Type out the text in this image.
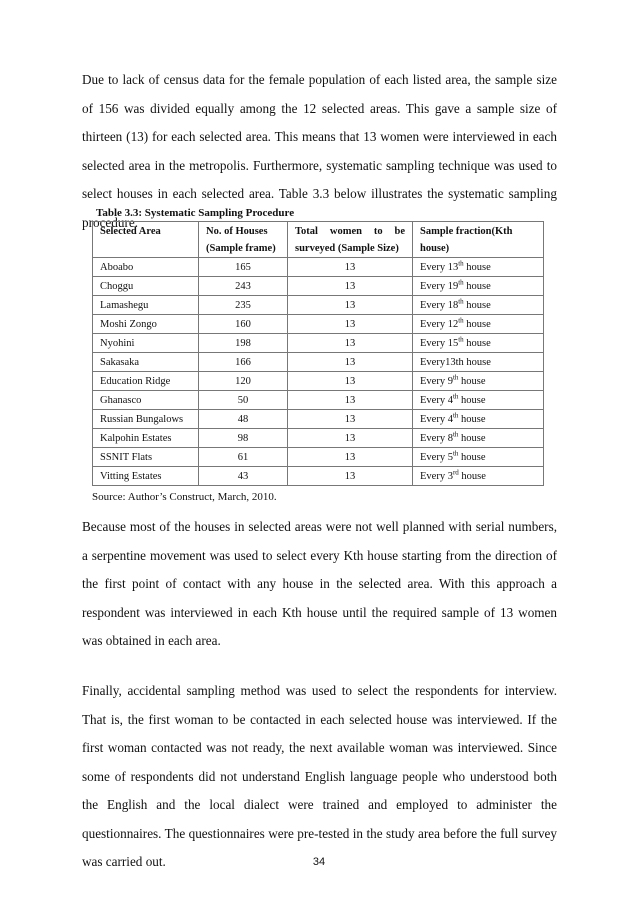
Due to lack of census data for the female population of each listed area, the sample size of 156 was divided equally among the 12 selected areas. This gave a sample size of thirteen (13) for each selected area. This means that 13 women were interviewed in each selected area in the metropolis. Furthermore, systematic sampling technique was used to select houses in each selected area. Table 3.3 below illustrates the systematic sampling procedure.
Table 3.3: Systematic Sampling Procedure
Selected Area	No. of Houses (Sample frame)	Total women to be surveyed (Sample Size)	Sample fraction(Kth house)
Aboabo	165	13	Every 13th house
Choggu	243	13	Every 19th house
Lamashegu	235	13	Every 18th house
Moshi Zongo	160	13	Every 12th house
Nyohini	198	13	Every 15th house
Sakasaka	166	13	Every13th house
Education Ridge	120	13	Every 9th house
Ghanasco	50	13	Every 4th house
Russian Bungalows	48	13	Every 4th house
Kalpohin Estates	98	13	Every 8th house
SSNIT Flats	61	13	Every 5th house
Vitting Estates	43	13	Every 3rd house
Source: Author’s Construct, March, 2010.
Because most of the houses in selected areas were not well planned with serial numbers, a serpentine movement was used to select every Kth house starting from the direction of the first point of contact with any house in the selected area. With this approach a respondent was interviewed in each Kth house until the required sample of 13 women was obtained in each area.
Finally, accidental sampling method was used to select the respondents for interview. That is, the first woman to be contacted in each selected house was interviewed. If the first woman contacted was not ready, the next available woman was interviewed. Since some of respondents did not understand English language people who understood both the English and the local dialect were trained and employed to administer the questionnaires. The questionnaires were pre-tested in the study area before the full survey was carried out.	34
